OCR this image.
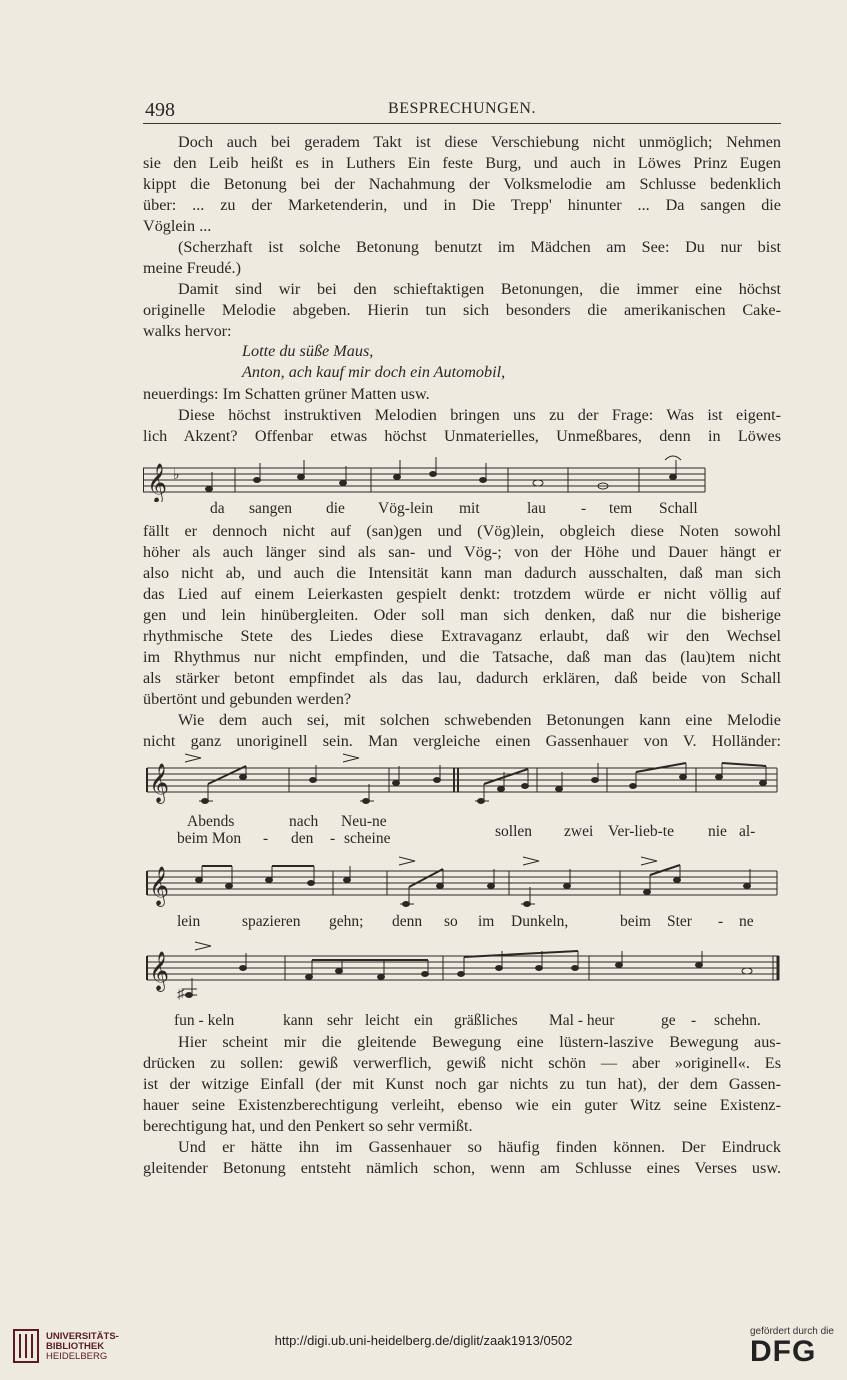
498	BESPRECHUNGEN.
Doch auch bei geradem Takt ist diese Verschiebung nicht unmöglich; Nehmen
sie den Leib heißt es in Luthers Ein feste Burg, und auch in Löwes Prinz Eugen
kippt die Betonung bei der Nachahmung der Volksmelodie am Schlusse bedenklich
über: ... zu der Marketenderin, und in Die Trepp' hinunter ... Da sangen die
Vöglein ...
(Scherzhaft ist solche Betonung benutzt im Mädchen am See: Du nur bist
meine Freudé.)
Damit sind wir bei den schieftaktigen Betonungen, die immer eine höchst
originelle Melodie abgeben. Hierin tun sich besonders die amerikanischen Cake-
walks hervor:
Lotte du süße Maus,
Anton, ach kauf mir doch ein Automobil,
neuerdings: Im Schatten grüner Matten usw.
Diese höchst instruktiven Melodien bringen uns zu der Frage: Was ist eigent-
lich Akzent? Offenbar etwas höchst Unmaterielles, Unmeßbares, denn in Löwes
𝄞 ♭
da sangen die Vög-lein mit	lau - tem Schall
fällt er dennoch nicht auf (san)gen und (Vög)lein, obgleich diese Noten sowohl
höher als auch länger sind als san- und Vög-; von der Höhe und Dauer hängt er
also nicht ab, und auch die Intensität kann man dadurch ausschalten, daß man sich
das Lied auf einem Leierkasten gespielt denkt: trotzdem würde er nicht völlig auf
gen und lein hinübergleiten. Oder soll man sich denken, daß nur die bisherige
rhythmische Stete des Liedes diese Extravaganz erlaubt, daß wir den Wechsel
im Rhythmus nur nicht empfinden, und die Tatsache, daß man das (lau)tem nicht
als stärker betont empfindet als das lau, dadurch erklären, daß beide von Schall
übertönt und gebunden werden?
Wie dem auch sei, mit solchen schwebenden Betonungen kann eine Melodie
nicht ganz unoriginell sein. Man vergleiche einen Gassenhauer von V. Holländer:
𝄞
Abends	nach Neu-ne
beim Mon - den - scheine	sollen zwei Ver-lieb-te nie al-
𝄞
lein	spazieren gehn; denn so im Dunkeln,	beim Ster - ne
𝄞
♯
fun - keln	kann sehr leicht ein gräßliches Mal - heur	ge - schehn.
Hier scheint mir die gleitende Bewegung eine lüstern-laszive Bewegung aus-
drücken zu sollen: gewiß verwerflich, gewiß nicht schön — aber »originell«. Es
ist der witzige Einfall (der mit Kunst noch gar nichts zu tun hat), der dem Gassen-
hauer seine Existenzberechtigung verleiht, ebenso wie ein guter Witz seine Existenz-
berechtigung hat, und den Penkert so sehr vermißt.
Und er hätte ihn im Gassenhauer so häufig finden können. Der Eindruck
gleitender Betonung entsteht nämlich schon, wenn am Schlusse eines Verses usw.
UNIVERSITÄTS-
BIBLIOTHEK
HEIDELBERG
http://digi.ub.uni-heidelberg.de/diglit/zaak1913/0502
gefördert durch die
DFG
